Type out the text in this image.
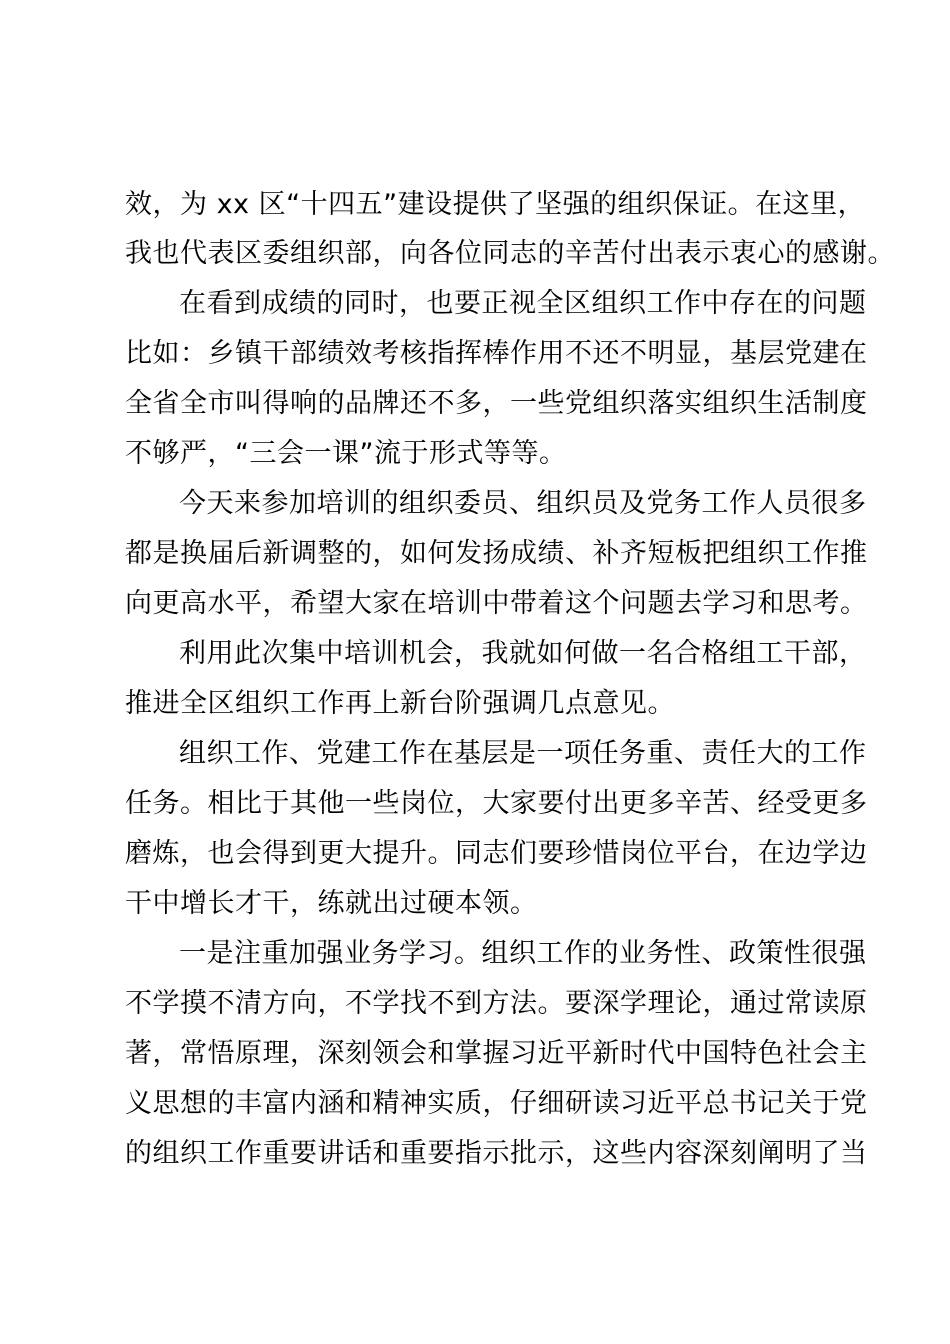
效，为 xx 区“十四五”建设提供了坚强的组织保证。在这里，
我也代表区委组织部，向各位同志的辛苦付出表示衷心的感谢。
在看到成绩的同时，也要正视全区组织工作中存在的问题
比如：乡镇干部绩效考核指挥棒作用不还不明显，基层党建在
全省全市叫得响的品牌还不多，一些党组织落实组织生活制度
不够严，“三会一课”流于形式等等。
今天来参加培训的组织委员、组织员及党务工作人员很多
都是换届后新调整的，如何发扬成绩、补齐短板把组织工作推
向更高水平，希望大家在培训中带着这个问题去学习和思考。
利用此次集中培训机会，我就如何做一名合格组工干部，
推进全区组织工作再上新台阶强调几点意见。
组织工作、党建工作在基层是一项任务重、责任大的工作
任务。相比于其他一些岗位，大家要付出更多辛苦、经受更多
磨炼，也会得到更大提升。同志们要珍惜岗位平台，在边学边
干中增长才干，练就出过硬本领。
一是注重加强业务学习。组织工作的业务性、政策性很强
不学摸不清方向，不学找不到方法。要深学理论，通过常读原
著，常悟原理，深刻领会和掌握习近平新时代中国特色社会主
义思想的丰富内涵和精神实质，仔细研读习近平总书记关于党
的组织工作重要讲话和重要指示批示，这些内容深刻阐明了当
